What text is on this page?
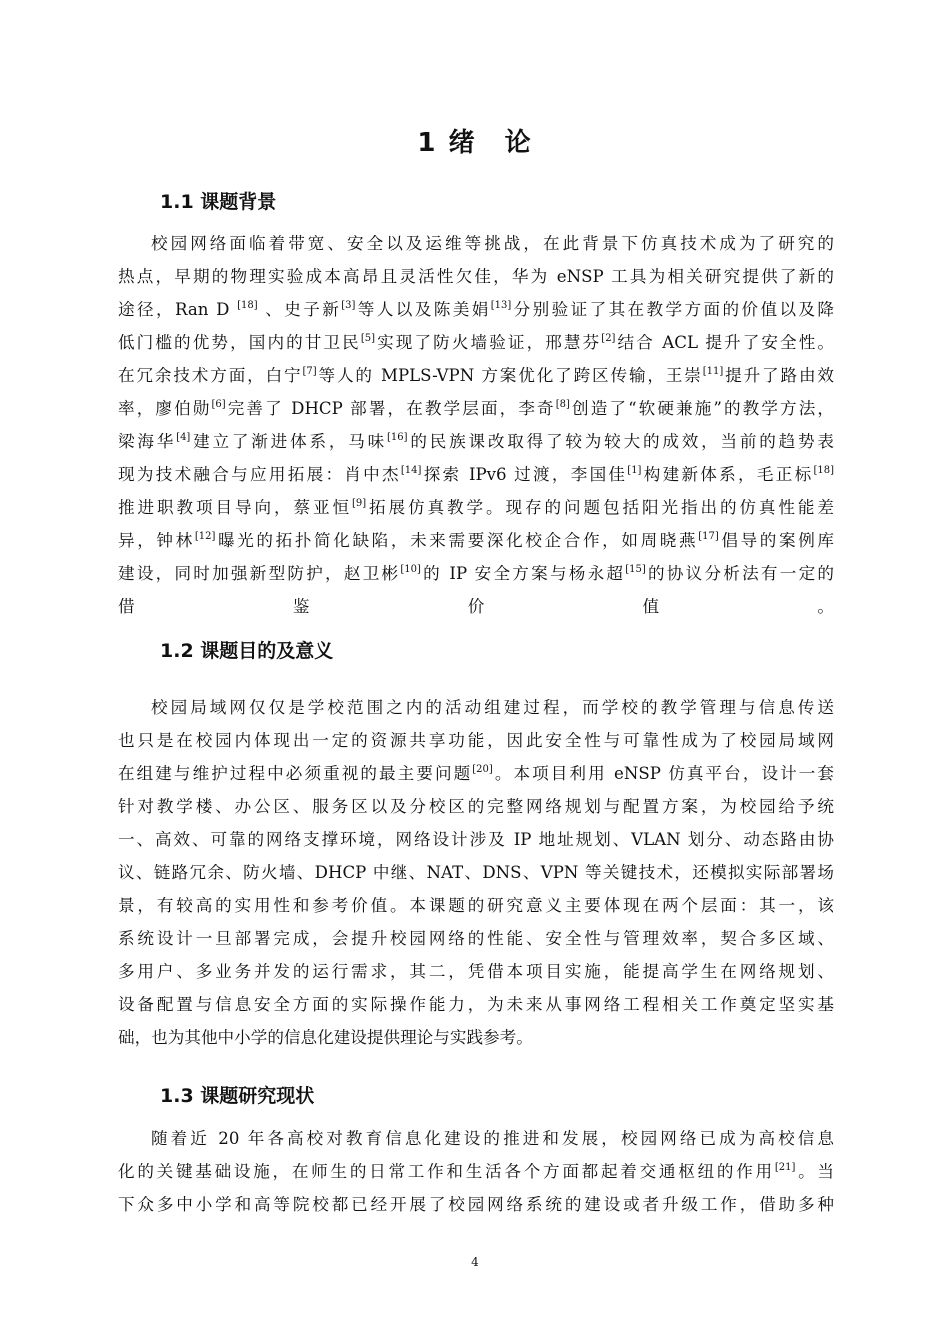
1 绪　论
1.1 课题背景
校园网络面临着带宽、安全以及运维等挑战，在此背景下仿真技术成为了研究的
热点，早期的物理实验成本高昂且灵活性欠佳，华为 eNSP 工具为相关研究提供了新的
途径，Ran D [18] 、史子新[3]等人以及陈美娟[13]分别验证了其在教学方面的价值以及降
低门槛的优势，国内的甘卫民[5]实现了防火墙验证，邢慧芬[2]结合 ACL 提升了安全性。
在冗余技术方面，白宁[7]等人的 MPLS-VPN 方案优化了跨区传输，王崇[11]提升了路由效
率，廖伯勋[6]完善了 DHCP 部署，在教学层面，李奇[8]创造了“软硬兼施”的教学方法，
梁海华[4]建立了渐进体系，马味[16]的民族课改取得了较为较大的成效，当前的趋势表
现为技术融合与应用拓展：肖中杰[14]探索 IPv6 过渡，李国佳[1]构建新体系，毛正标[18]
推进职教项目导向，蔡亚恒[9]拓展仿真教学。现存的问题包括阳光指出的仿真性能差
异，钟林[12]曝光的拓扑简化缺陷，未来需要深化校企合作，如周晓燕[17]倡导的案例库
建设，同时加强新型防护，赵卫彬[10]的 IP 安全方案与杨永超[15]的协议分析法有一定的
借鉴价值。
1.2 课题目的及意义
校园局域网仅仅是学校范围之内的活动组建过程，而学校的教学管理与信息传送
也只是在校园内体现出一定的资源共享功能，因此安全性与可靠性成为了校园局域网
在组建与维护过程中必须重视的最主要问题[20]。本项目利用 eNSP 仿真平台，设计一套
针对教学楼、办公区、服务区以及分校区的完整网络规划与配置方案，为校园给予统
一、高效、可靠的网络支撑环境，网络设计涉及 IP 地址规划、VLAN 划分、动态路由协
议、链路冗余、防火墙、DHCP 中继、NAT、DNS、VPN 等关键技术，还模拟实际部署场
景，有较高的实用性和参考价值。本课题的研究意义主要体现在两个层面：其一，该
系统设计一旦部署完成，会提升校园网络的性能、安全性与管理效率，契合多区域、
多用户、多业务并发的运行需求，其二，凭借本项目实施，能提高学生在网络规划、
设备配置与信息安全方面的实际操作能力，为未来从事网络工程相关工作奠定坚实基
础，也为其他中小学的信息化建设提供理论与实践参考。
1.3 课题研究现状
随着近 20 年各高校对教育信息化建设的推进和发展，校园网络已成为高校信息
化的关键基础设施，在师生的日常工作和生活各个方面都起着交通枢纽的作用[21]。当
下众多中小学和高等院校都已经开展了校园网络系统的建设或者升级工作，借助多种

4
